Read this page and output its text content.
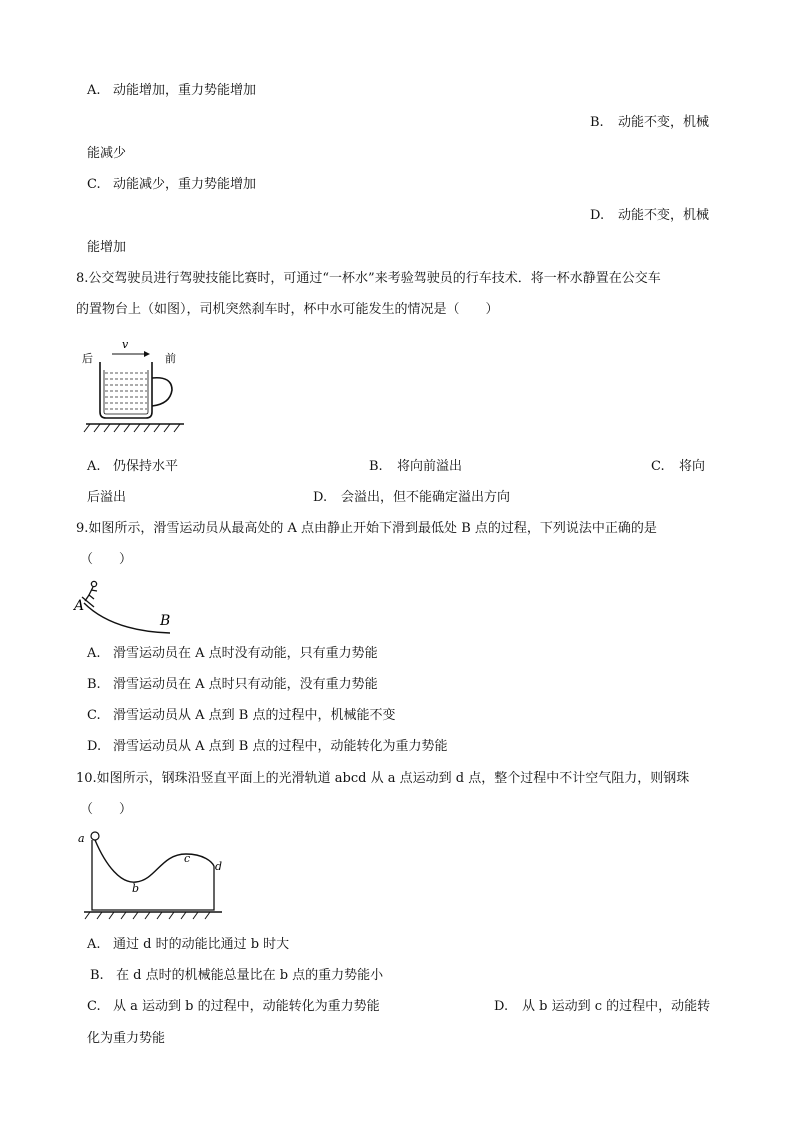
A. 动能增加，重力势能增加
B. 动能不变，机械
能减少
C. 动能减少，重力势能增加
D. 动能不变，机械
能增加
8.公交驾驶员进行驾驶技能比赛时，可通过“一杯水”来考验驾驶员的行车技术．将一杯水静置在公交车
的置物台上（如图），司机突然刹车时，杯中水可能发生的情况是（　　）
后	前
v
A. 仍保持水平	B. 将向前溢出	C. 将向
后溢出	D. 会溢出，但不能确定溢出方向
9.如图所示，滑雪运动员从最高处的 A 点由静止开始下滑到最低处 B 点的过程，下列说法中正确的是
（　　）
A
B
A. 滑雪运动员在 A 点时没有动能，只有重力势能
B. 滑雪运动员在 A 点时只有动能，没有重力势能
C. 滑雪运动员从 A 点到 B 点的过程中，机械能不变
D. 滑雪运动员从 A 点到 B 点的过程中，动能转化为重力势能
10.如图所示，钢珠沿竖直平面上的光滑轨道 abcd 从 a 点运动到 d 点，整个过程中不计空气阻力，则钢珠
（　　）
a
b
c
d
A. 通过 d 时的动能比通过 b 时大
B. 在 d 点时的机械能总量比在 b 点的重力势能小
C. 从 a 运动到 b 的过程中，动能转化为重力势能	D. 从 b 运动到 c 的过程中，动能转
化为重力势能
